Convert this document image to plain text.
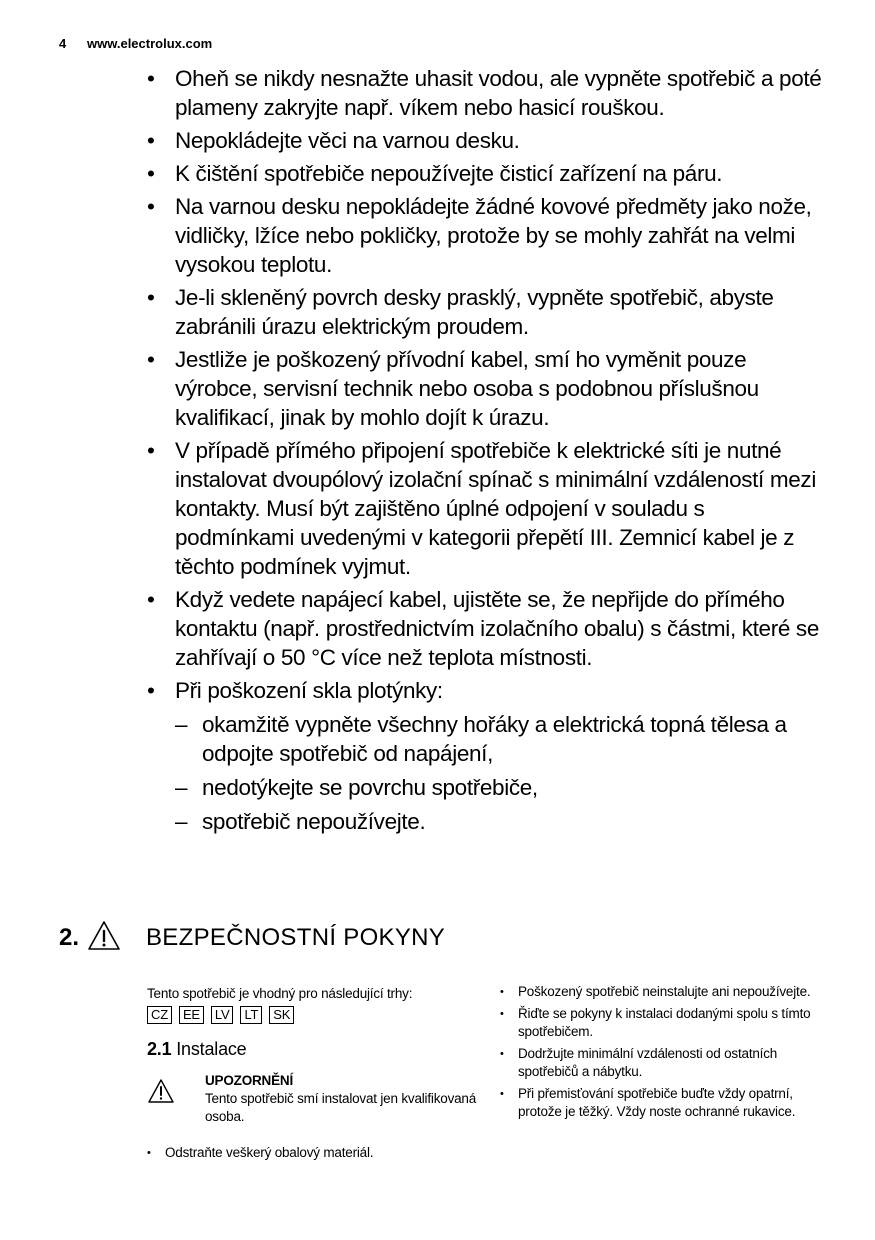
4 www.electrolux.com
• Oheň se nikdy nesnažte uhasit vodou, ale vypněte spotřebič a poté plameny zakryjte např. víkem nebo hasicí rouškou.
• Nepokládejte věci na varnou desku.
• K čištění spotřebiče nepoužívejte čisticí zařízení na páru.
• Na varnou desku nepokládejte žádné kovové předměty jako nože, vidličky, lžíce nebo pokličky, protože by se mohly zahřát na velmi vysokou teplotu.
• Je-li skleněný povrch desky prasklý, vypněte spotřebič, abyste zabránili úrazu elektrickým proudem.
• Jestliže je poškozený přívodní kabel, smí ho vyměnit pouze výrobce, servisní technik nebo osoba s podobnou příslušnou kvalifikací, jinak by mohlo dojít k úrazu.
• V případě přímého připojení spotřebiče k elektrické síti je nutné instalovat dvoupólový izolační spínač s minimální vzdáleností mezi kontakty. Musí být zajištěno úplné odpojení v souladu s podmínkami uvedenými v kategorii přepětí III. Zemnicí kabel je z těchto podmínek vyjmut.
• Když vedete napájecí kabel, ujistěte se, že nepřijde do přímého kontaktu (např. prostřednictvím izolačního obalu) s částmi, které se zahřívají o 50 °C více než teplota místnosti.
• Při poškození skla plotýnky:
– okamžitě vypněte všechny hořáky a elektrická topná tělesa a odpojte spotřebič od napájení,
– nedotýkejte se povrchu spotřebiče,
– spotřebič nepoužívejte.
2.	BEZPEČNOSTNÍ POKYNY
Tento spotřebič je vhodný pro následující trhy:
CZ	EE	LV	LT	SK
2.1 Instalace
UPOZORNĚNÍ
Tento spotřebič smí instalovat jen kvalifikovaná osoba.
• Odstraňte veškerý obalový materiál.
• Poškozený spotřebič neinstalujte ani nepoužívejte.
• Řiďte se pokyny k instalaci dodanými spolu s tímto spotřebičem.
• Dodržujte minimální vzdálenosti od ostatních spotřebičů a nábytku.
• Při přemisťování spotřebiče buďte vždy opatrní, protože je těžký. Vždy noste ochranné rukavice.
